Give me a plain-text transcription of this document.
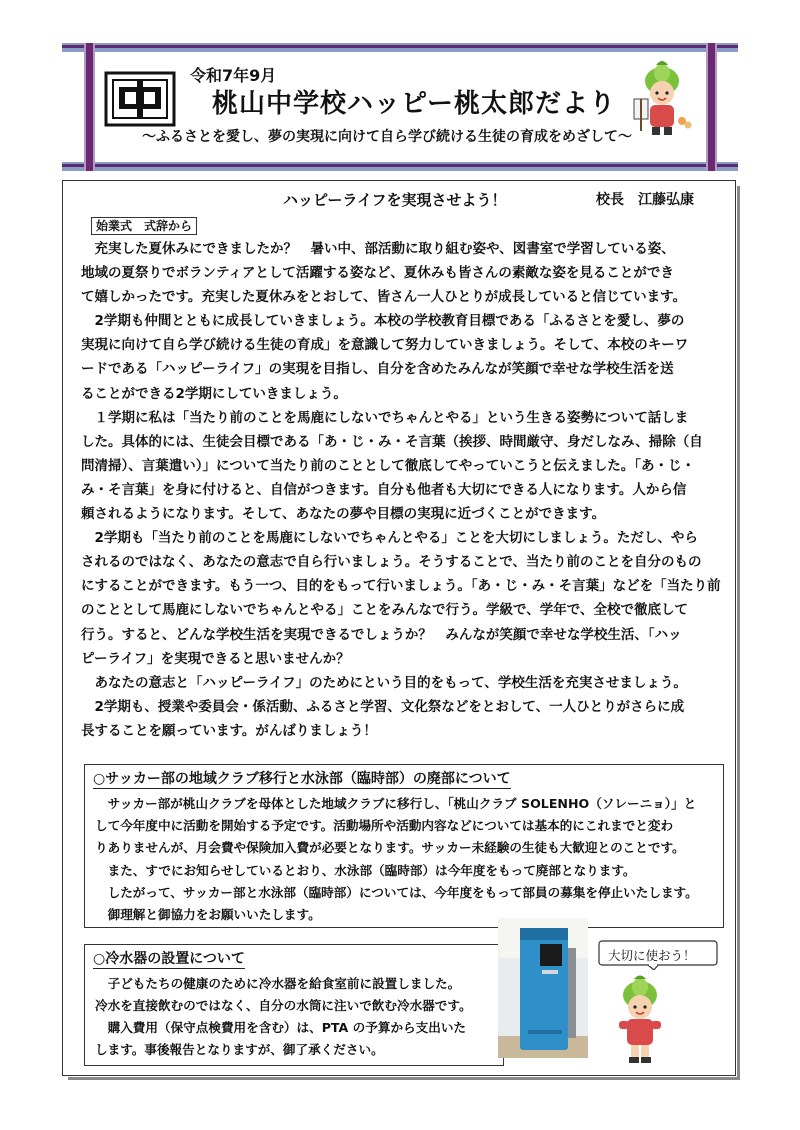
令和7年9月
桃山中学校ハッピー桃太郎だより
～ふるさとを愛し、夢の実現に向けて自ら学び続ける生徒の育成をめざして～
ハッピーライフを実現させよう！	校長　江藤弘康
始業式　式辞から
　充実した夏休みにできましたか？　暑い中、部活動に取り組む姿や、図書室で学習している姿、
地域の夏祭りでボランティアとして活躍する姿など、夏休みも皆さんの素敵な姿を見ることができ
て嬉しかったです。充実した夏休みをとおして、皆さん一人ひとりが成長していると信じています。
　2学期も仲間とともに成長していきましょう。本校の学校教育目標である「ふるさとを愛し、夢の
実現に向けて自ら学び続ける生徒の育成」を意識して努力していきましょう。そして、本校のキーワ
ードである「ハッピーライフ」の実現を目指し、自分を含めたみんなが笑顔で幸せな学校生活を送
ることができる2学期にしていきましょう。
　１学期に私は「当たり前のことを馬鹿にしないでちゃんとやる」という生きる姿勢について話しま
した。具体的には、生徒会目標である「あ・じ・み・そ言葉（挨拶、時間厳守、身だしなみ、掃除（自
問清掃）、言葉遣い）」について当たり前のこととして徹底してやっていこうと伝えました。「あ・じ・
み・そ言葉」を身に付けると、自信がつきます。自分も他者も大切にできる人になります。人から信
頼されるようになります。そして、あなたの夢や目標の実現に近づくことができます。
　2学期も「当たり前のことを馬鹿にしないでちゃんとやる」ことを大切にしましょう。ただし、やら
されるのではなく、あなたの意志で自ら行いましょう。そうすることで、当たり前のことを自分のもの
にすることができます。もう一つ、目的をもって行いましょう。「あ・じ・み・そ言葉」などを「当たり前
のこととして馬鹿にしないでちゃんとやる」ことをみんなで行う。学級で、学年で、全校で徹底して
行う。すると、どんな学校生活を実現できるでしょうか？　みんなが笑顔で幸せな学校生活、「ハッ
ピーライフ」を実現できると思いませんか？
　あなたの意志と「ハッピーライフ」のためにという目的をもって、学校生活を充実させましょう。
　2学期も、授業や委員会・係活動、ふるさと学習、文化祭などをとおして、一人ひとりがさらに成
長することを願っています。がんばりましょう！
○サッカー部の地域クラブ移行と水泳部（臨時部）の廃部について
　サッカー部が桃山クラブを母体とした地域クラブに移行し、「桃山クラブ SOLENHO（ソレーニョ）」と
して今年度中に活動を開始する予定です。活動場所や活動内容などについては基本的にこれまでと変わ
りありませんが、月会費や保険加入費が必要となります。サッカー未経験の生徒も大歓迎とのことです。
　また、すでにお知らせしているとおり、水泳部（臨時部）は今年度をもって廃部となります。
　したがって、サッカー部と水泳部（臨時部）については、今年度をもって部員の募集を停止いたします。
　御理解と御協力をお願いいたします。
○冷水器の設置について
　子どもたちの健康のために冷水器を給食室前に設置しました。
冷水を直接飲むのではなく、自分の水筒に注いで飲む冷水器です。
　購入費用（保守点検費用を含む）は、PTA の予算から支出いた
します。事後報告となりますが、御了承ください。
大切に使おう！
